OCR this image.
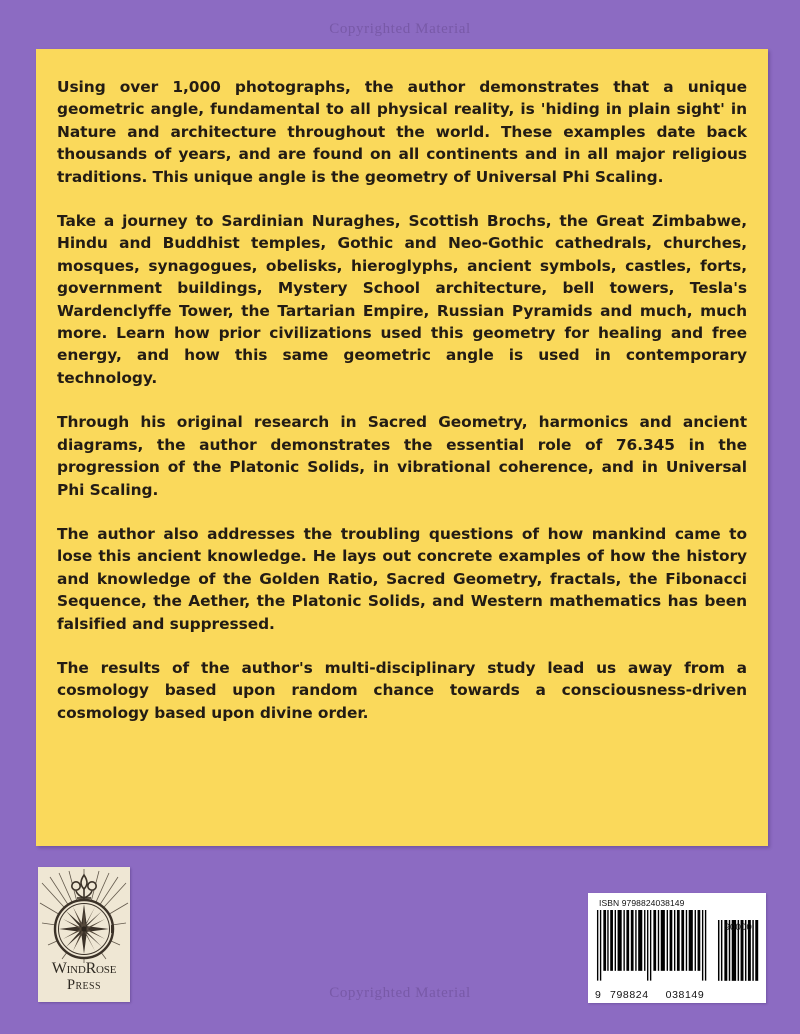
Copyrighted Material

Using over 1,000 photographs, the author demonstrates that a unique geometric angle, fundamental to all physical reality, is 'hiding in plain sight' in Nature and architecture throughout the world. These examples date back thousands of years, and are found on all continents and in all major religious traditions. This unique angle is the geometry of Universal Phi Scaling.

Take a journey to Sardinian Nuraghes, Scottish Brochs, the Great Zimbabwe, Hindu and Buddhist temples, Gothic and Neo-Gothic cathedrals, churches, mosques, synagogues, obelisks, hieroglyphs, ancient symbols, castles, forts, government buildings, Mystery School architecture, bell towers, Tesla's Wardenclyffe Tower, the Tartarian Empire, Russian Pyramids and much, much more. Learn how prior civilizations used this geometry for healing and free energy, and how this same geometric angle is used in contemporary technology.

Through his original research in Sacred Geometry, harmonics and ancient diagrams, the author demonstrates the essential role of 76.345 in the progression of the Platonic Solids, in vibrational coherence, and in Universal Phi Scaling.

The author also addresses the troubling questions of how mankind came to lose this ancient knowledge. He lays out concrete examples of how the history and knowledge of the Golden Ratio, Sacred Geometry, fractals, the Fibonacci Sequence, the Aether, the Platonic Solids, and Western mathematics has been falsified and suppressed.

The results of the author's multi-disciplinary study lead us away from a cosmology based upon random chance towards a consciousness-driven cosmology based upon divine order.

WindRose
Press
ISBN 9798824038149
90000
9 798824 038149
Copyrighted Material
